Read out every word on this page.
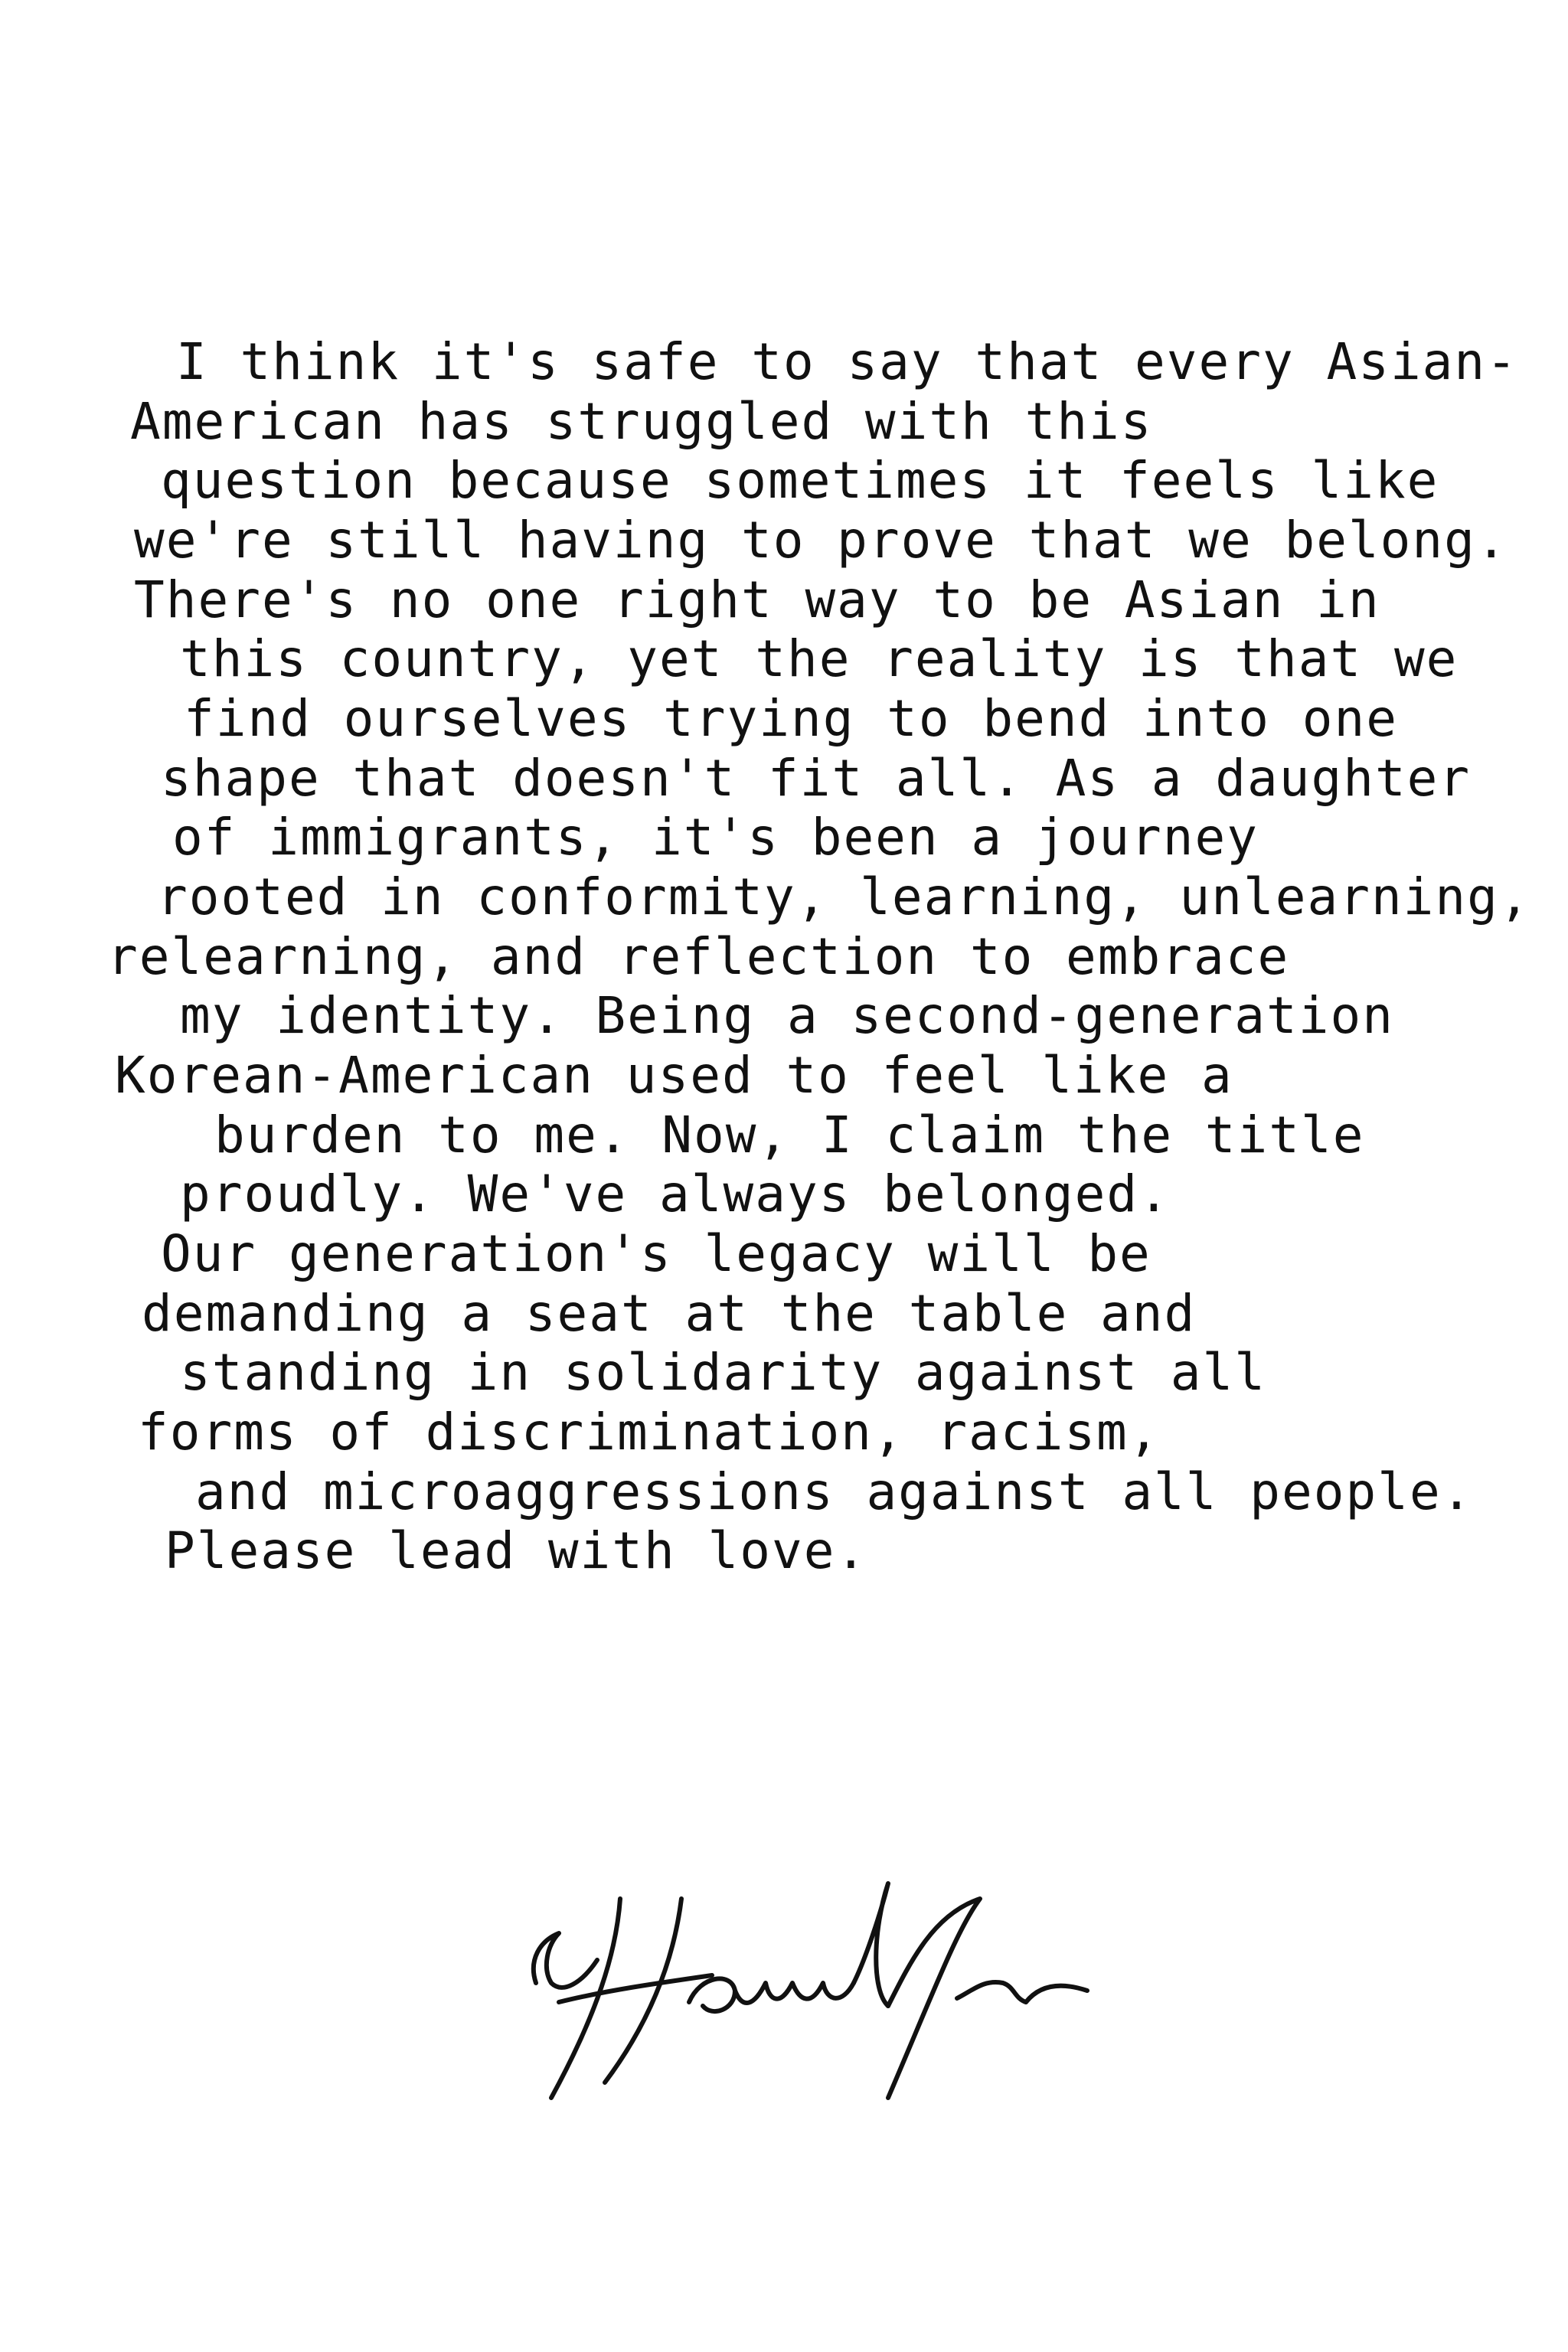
I think it's safe to say that every Asian-
American has struggled with this
question because sometimes it feels like
we're still having to prove that we belong.
There's no one right way to be Asian in
this country, yet the reality is that we
find ourselves trying to bend into one
shape that doesn't fit all. As a daughter
of immigrants, it's been a journey
rooted in conformity, learning, unlearning,
relearning, and reflection to embrace
my identity. Being a second-generation
Korean-American used to feel like a
burden to me. Now, I claim the title
proudly. We've always belonged.
Our generation's legacy will be
demanding a seat at the table and
standing in solidarity against all
forms of discrimination, racism,
and microaggressions against all people.
Please lead with love.
